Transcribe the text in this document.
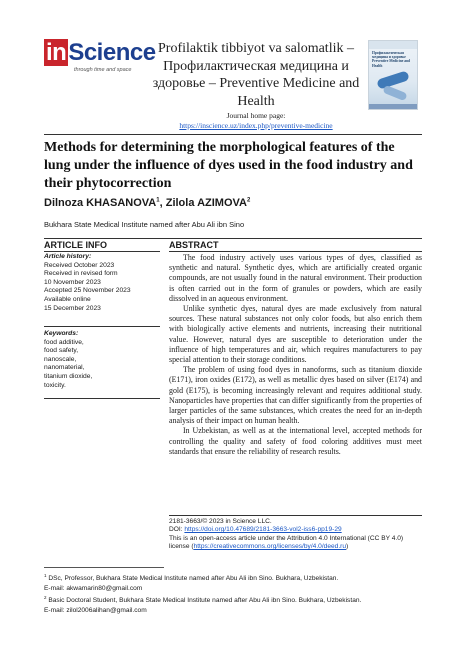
inScience
through time and space
Profilaktik tibbiyot va salomatlik – Профилактическая медицина и здоровье – Preventive Medicine and Health
Journal home page:
https://inscience.uz/index.php/preventive-medicine
Профилактическая медицина и здоровье Preventive Medicine and Health
Methods for determining the morphological features of the lung under the influence of dyes used in the food industry and their phytocorrection
Dilnoza KHASANOVA$^1$, Zilola AZIMOVA$^2$
Bukhara State Medical Institute named after Abu Ali ibn Sino
ARTICLE INFO
Article history:
Received October 2023
Received in revised form
10 November 2023
Accepted 25 November 2023
Available online
15 December 2023
Keywords:
food additive,
food safety,
nanoscale,
nanomaterial,
titanium dioxide,
toxicity.
ABSTRACT

The food industry actively uses various types of dyes, classified as synthetic and natural. Synthetic dyes, which are artificially created organic compounds, are not usually found in the natural environment. Their production is often carried out in the form of granules or powders, which are easily dissolved in an aqueous environment.

Unlike synthetic dyes, natural dyes are made exclusively from natural sources. These natural substances not only color foods, but also enrich them with biologically active elements and nutrients, increasing their nutritional value. However, natural dyes are susceptible to deterioration under the influence of high temperatures and air, which requires manufacturers to pay special attention to their storage conditions.

The problem of using food dyes in nanoforms, such as titanium dioxide (E171), iron oxides (E172), as well as metallic dyes based on silver (E174) and gold (E175), is becoming increasingly relevant and requires additional study. Nanoparticles have properties that can differ significantly from the properties of larger particles of the same substances, which creates the need for an in-depth analysis of their impact on human health.

In Uzbekistan, as well as at the international level, accepted methods for controlling the quality and safety of food coloring additives must meet standards that ensure the reliability of research results.

2181-3663/© 2023 in Science LLC.
DOI: https://doi.org/10.47689/2181-3663-vol2-iss6-pp19-29
This is an open-access article under the Attribution 4.0 International (CC BY 4.0) license (https://creativecommons.org/licenses/by/4.0/deed.ru)
$^1$ DSc, Professor, Bukhara State Medical Institute named after Abu Ali ibn Sino. Bukhara, Uzbekistan.
E-mail: akwamarin80@gmail.com
$^2$ Basic Doctoral Student, Bukhara State Medical Institute named after Abu Ali ibn Sino. Bukhara, Uzbekistan.
E-mail: zilol2006alihan@gmail.com
